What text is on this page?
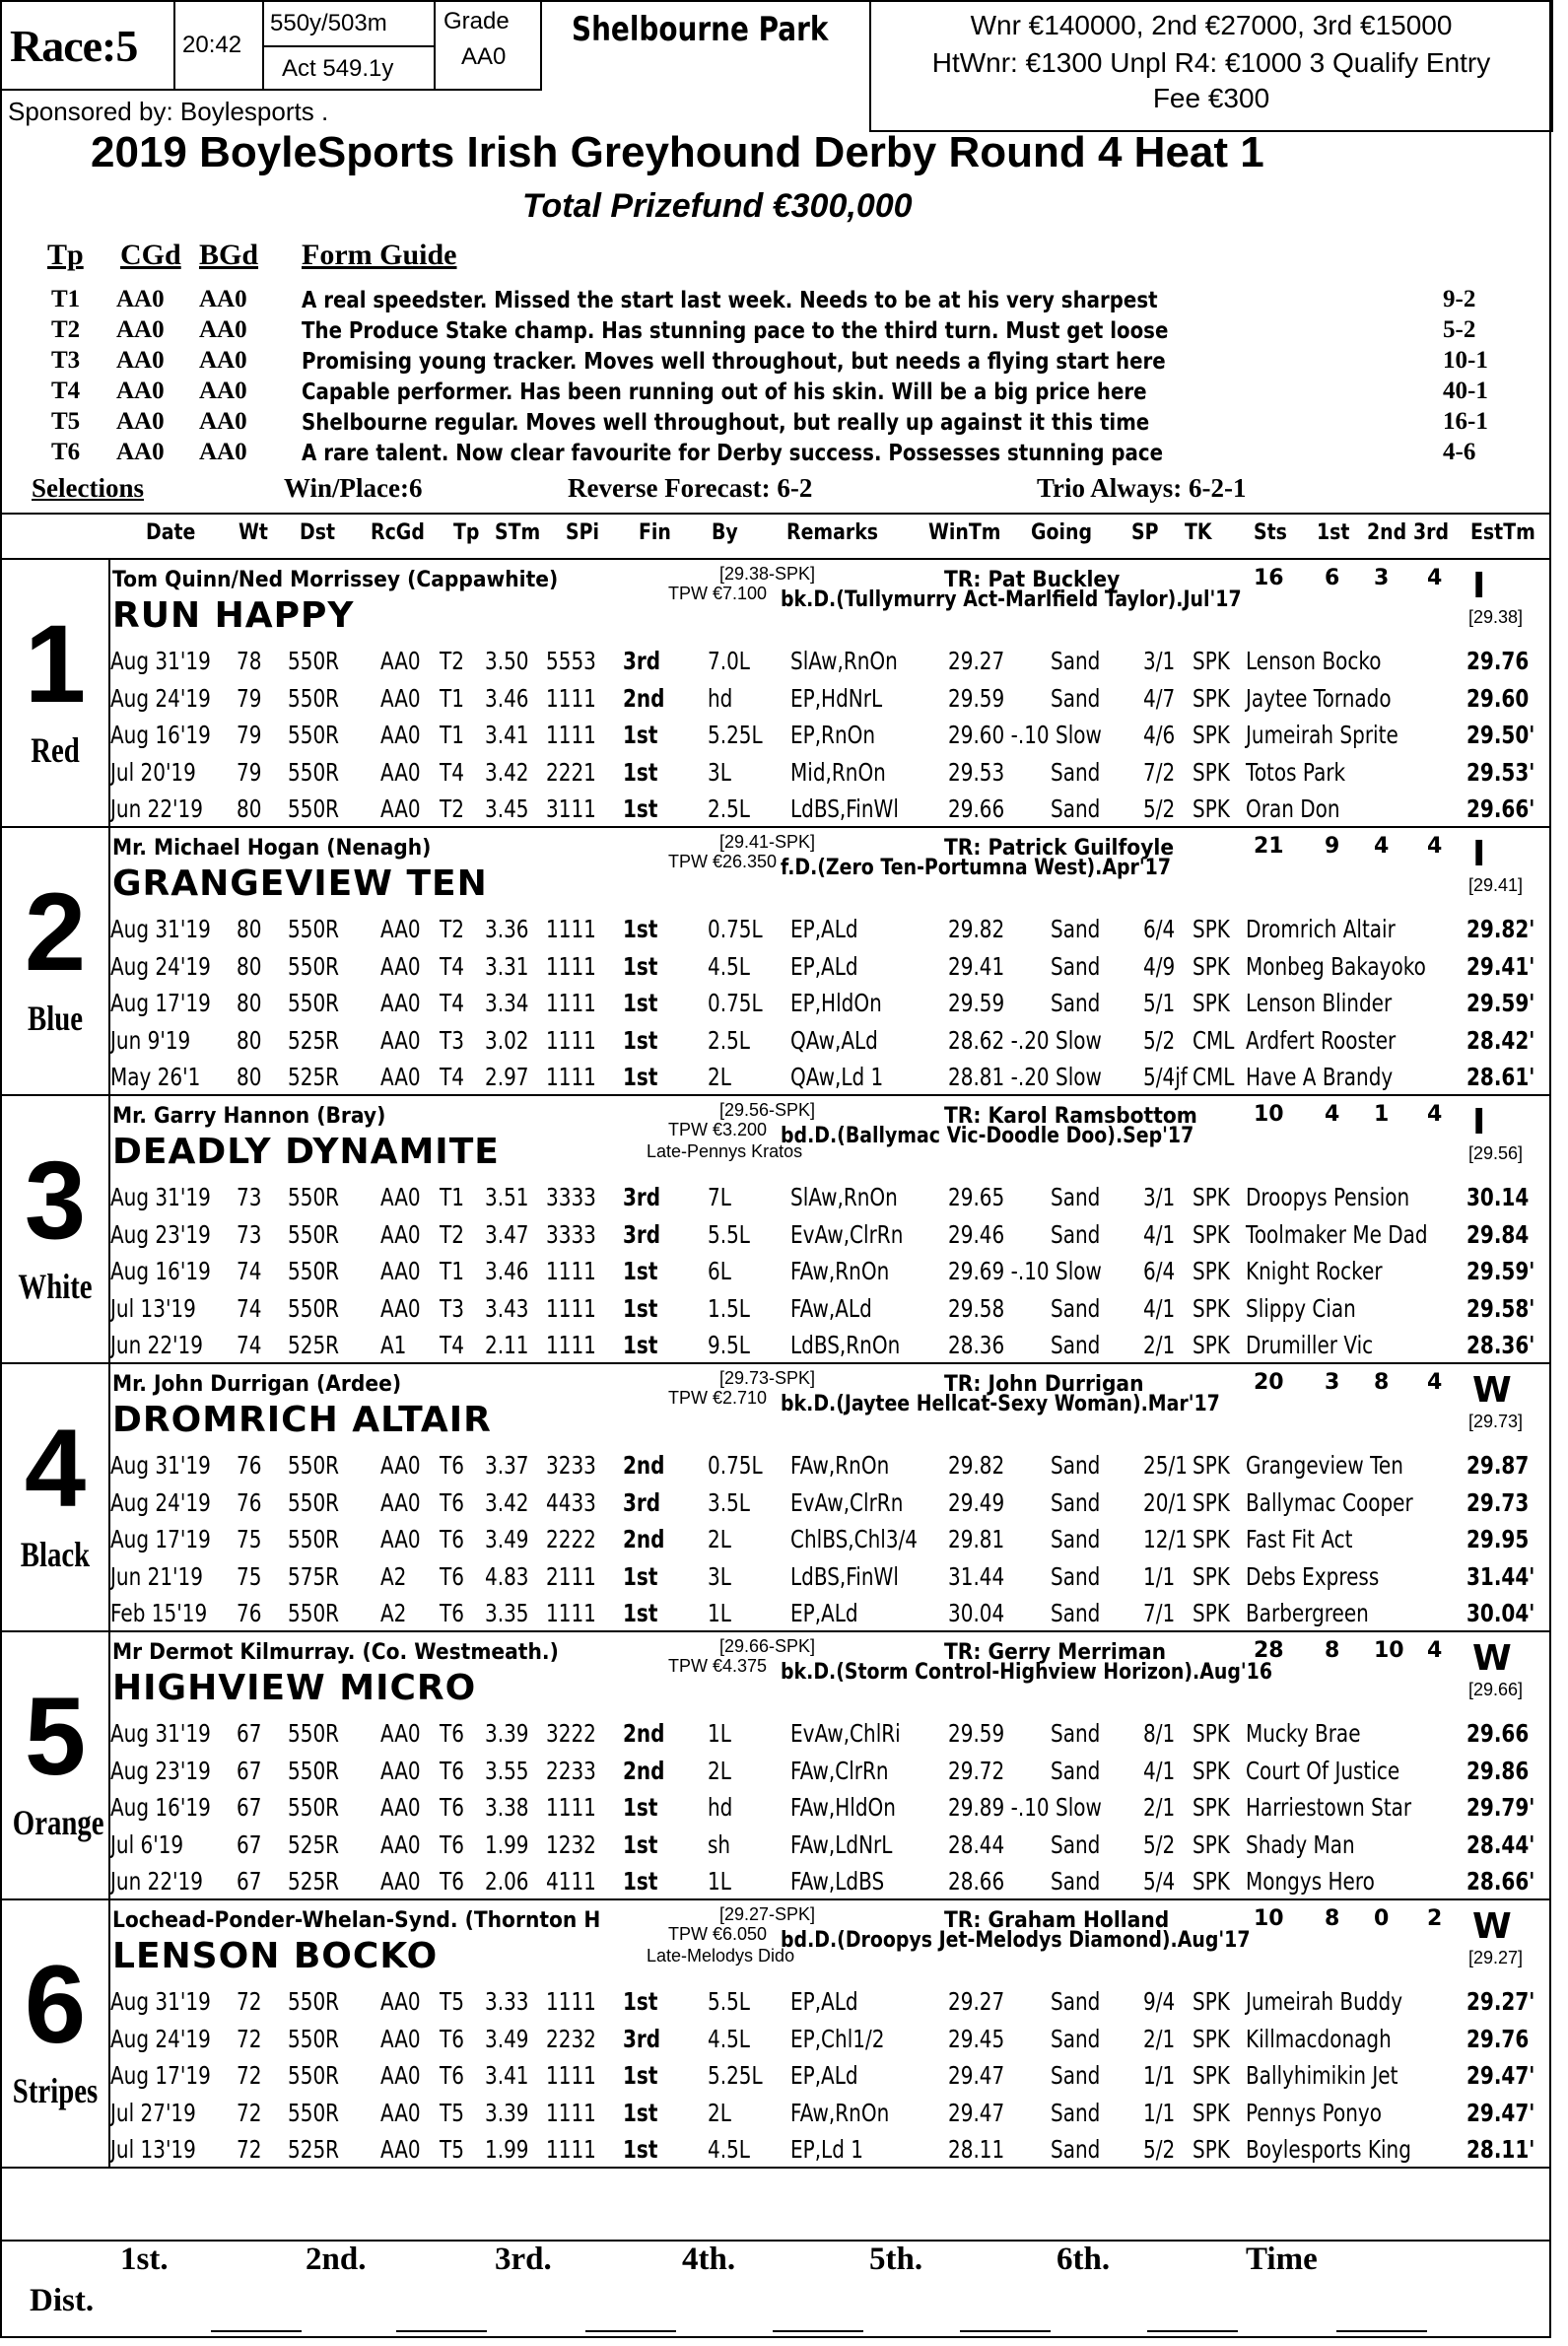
Race:5 20:42
550y/503m
Act 549.1y
Grade
AA0
Shelbourne Park	Wnr €140000, 2nd €27000, 3rd €15000
HtWnr: €1300 Unpl R4: €1000 3 Qualify Entry
Fee €300
Sponsored by: Boylesports .
2019 BoyleSports Irish Greyhound Derby Round 4 Heat 1
Total Prizefund €300,000
Tp CGd BGd Form Guide
T1 AA0 AA0 A real speedster. Missed the start last week. Needs to be at his very sharpest	9-2
T2 AA0 AA0 The Produce Stake champ. Has stunning pace to the third turn. Must get loose	5-2
T3 AA0 AA0 Promising young tracker. Moves well throughout, but needs a flying start here	10-1
T4 AA0 AA0 Capable performer. Has been running out of his skin. Will be a big price here	40-1
T5 AA0 AA0 Shelbourne regular. Moves well throughout, but really up against it this time	16-1
T6 AA0 AA0 A rare talent. Now clear favourite for Derby success. Possesses stunning pace	4-6
Selections	Win/Place:6	Reverse Forecast: 6-2	Trio Always: 6-2-1
Date Wt Dst RcGd Tp STm SPi Fin By Remarks WinTm Going SP TK Sts 1st 2nd 3rd EstTm
1
Red
Tom Quinn/Ned Morrissey (Cappawhite)	[29.38-SPK]
TPW €7.100
TR: Pat Buckley	16 6 3 4 I
[29.38]
RUN HAPPY	bk.D.(Tullymurry Act-Marlfield Taylor).Jul'17
Aug 31'19 78 550R AA0 T2 3.50 5553 3rd 7.0L SlAw,RnOn 29.27 Sand 3/1 SPK Lenson Bocko	29.76
Aug 24'19 79 550R AA0 T1 3.46 1111 2nd hd EP,HdNrL	29.59 Sand 4/7 SPK Jaytee Tornado	29.60
Aug 16'19 79 550R AA0 T1 3.41 1111 1st 5.25L EP,RnOn	29.60 -.10 Slow 4/6 SPK Jumeirah Sprite	29.50'
Jul 20'19 79 550R AA0 T4 3.42 2221 1st 3L Mid,RnOn	29.53 Sand 7/2 SPK Totos Park	29.53'
Jun 22'19 80 550R AA0 T2 3.45 3111 1st 2.5L LdBS,FinWl 29.66 Sand 5/2 SPK Oran Don	29.66'
2
Blue
Mr. Michael Hogan (Nenagh)	[29.41-SPK]
TPW €26.350
TR: Patrick Guilfoyle	21 9 4 4 I
[29.41]
GRANGEVIEW TEN	f.D.(Zero Ten-Portumna West).Apr'17
Aug 31'19 80 550R AA0 T2 3.36 1111 1st 0.75L EP,ALd	29.82 Sand 6/4 SPK Dromrich Altair	29.82'
Aug 24'19 80 550R AA0 T4 3.31 1111 1st 4.5L EP,ALd	29.41 Sand 4/9 SPK Monbeg Bakayoko 29.41'
Aug 17'19 80 550R AA0 T4 3.34 1111 1st 0.75L EP,HldOn	29.59 Sand 5/1 SPK Lenson Blinder	29.59'
Jun 9'19 80 525R AA0 T3 3.02 1111 1st 2.5L QAw,ALd	28.62 -.20 Slow 5/2 CML Ardfert Rooster	28.42'
May 26'1 80 525R AA0 T4 2.97 1111 1st 2L QAw,Ld 1	28.81 -.20 Slow 5/4jf CML Have A Brandy	28.61'
3
White
Mr. Garry Hannon (Bray)	[29.56-SPK]
TPW €3.200
TR: Karol Ramsbottom	10 4 1 4 I
[29.56]
DEADLY DYNAMITE	bd.D.(Ballymac Vic-Doodle Doo).Sep'17
Late-Pennys Kratos
Aug 31'19 73 550R AA0 T1 3.51 3333 3rd 7L SlAw,RnOn 29.65 Sand 3/1 SPK Droopys Pension 30.14
Aug 23'19 73 550R AA0 T2 3.47 3333 3rd 5.5L EvAw,ClrRn 29.46 Sand 4/1 SPK Toolmaker Me Dad 29.84
Aug 16'19 74 550R AA0 T1 3.46 1111 1st 6L FAw,RnOn 29.69 -.10 Slow 6/4 SPK Knight Rocker	29.59'
Jul 13'19 74 550R AA0 T3 3.43 1111 1st 1.5L FAw,ALd	29.58 Sand 4/1 SPK Slippy Cian	29.58'
Jun 22'19 74 525R A1 T4 2.11 1111 1st 9.5L LdBS,RnOn 28.36 Sand 2/1 SPK Drumiller Vic	28.36'
4
Black
Mr. John Durrigan (Ardee)	[29.73-SPK]
TPW €2.710
TR: John Durrigan	20 3 8 4 W
[29.73]
DROMRICH ALTAIR	bk.D.(Jaytee Hellcat-Sexy Woman).Mar'17
Aug 31'19 76 550R AA0 T6 3.37 3233 2nd 0.75L FAw,RnOn 29.82 Sand 25/1 SPK Grangeview Ten	29.87
Aug 24'19 76 550R AA0 T6 3.42 4433 3rd 3.5L EvAw,ClrRn 29.49 Sand 20/1 SPK Ballymac Cooper 29.73
Aug 17'19 75 550R AA0 T6 3.49 2222 2nd 2L ChlBS,Chl3/4 29.81 Sand 12/1 SPK Fast Fit Act	29.95
Jun 21'19 75 575R A2 T6 4.83 2111 1st 3L LdBS,FinWl 31.44 Sand 1/1 SPK Debs Express	31.44'
Feb 15'19 76 550R A2 T6 3.35 1111 1st 1L EP,ALd	30.04 Sand 7/1 SPK Barbergreen	30.04'
5
Orange
Mr Dermot Kilmurray. (Co. Westmeath.)	[29.66-SPK]
TPW €4.375
TR: Gerry Merriman	28 8 10 4 W
[29.66]
HIGHVIEW MICRO	bk.D.(Storm Control-Highview Horizon).Aug'16
Aug 31'19 67 550R AA0 T6 3.39 3222 2nd 1L EvAw,ChlRi 29.59 Sand 8/1 SPK Mucky Brae	29.66
Aug 23'19 67 550R AA0 T6 3.55 2233 2nd 2L FAw,ClrRn 29.72 Sand 4/1 SPK Court Of Justice	29.86
Aug 16'19 67 550R AA0 T6 3.38 1111 1st hd FAw,HldOn 29.89 -.10 Slow 2/1 SPK Harriestown Star 29.79'
Jul 6'19 67 525R AA0 T6 1.99 1232 1st sh FAw,LdNrL 28.44 Sand 5/2 SPK Shady Man	28.44'
Jun 22'19 67 525R AA0 T6 2.06 4111 1st 1L FAw,LdBS	28.66 Sand 5/4 SPK Mongys Hero	28.66'
6
Stripes
Lochead-Ponder-Whelan-Synd. (Thornton H	[29.27-SPK]
TPW €6.050
TR: Graham Holland	10 8 0 2 W
[29.27]
LENSON BOCKO	bd.D.(Droopys Jet-Melodys Diamond).Aug'17
Late-Melodys Dido
Aug 31'19 72 550R AA0 T5 3.33 1111 1st 5.5L EP,ALd	29.27 Sand 9/4 SPK Jumeirah Buddy	29.27'
Aug 24'19 72 550R AA0 T6 3.49 2232 3rd 4.5L EP,Chl1/2	29.45 Sand 2/1 SPK Killmacdonagh	29.76
Aug 17'19 72 550R AA0 T6 3.41 1111 1st 5.25L EP,ALd	29.47 Sand 1/1 SPK Ballyhimikin Jet	29.47'
Jul 27'19 72 550R AA0 T5 3.39 1111 1st 2L FAw,RnOn 29.47 Sand 1/1 SPK Pennys Ponyo	29.47'
Jul 13'19 72 525R AA0 T5 1.99 1111 1st 4.5L EP,Ld 1	28.11 Sand 5/2 SPK Boylesports King 28.11'
1st.	2nd.	3rd.	4th.	5th.	6th.	Time
Dist.
